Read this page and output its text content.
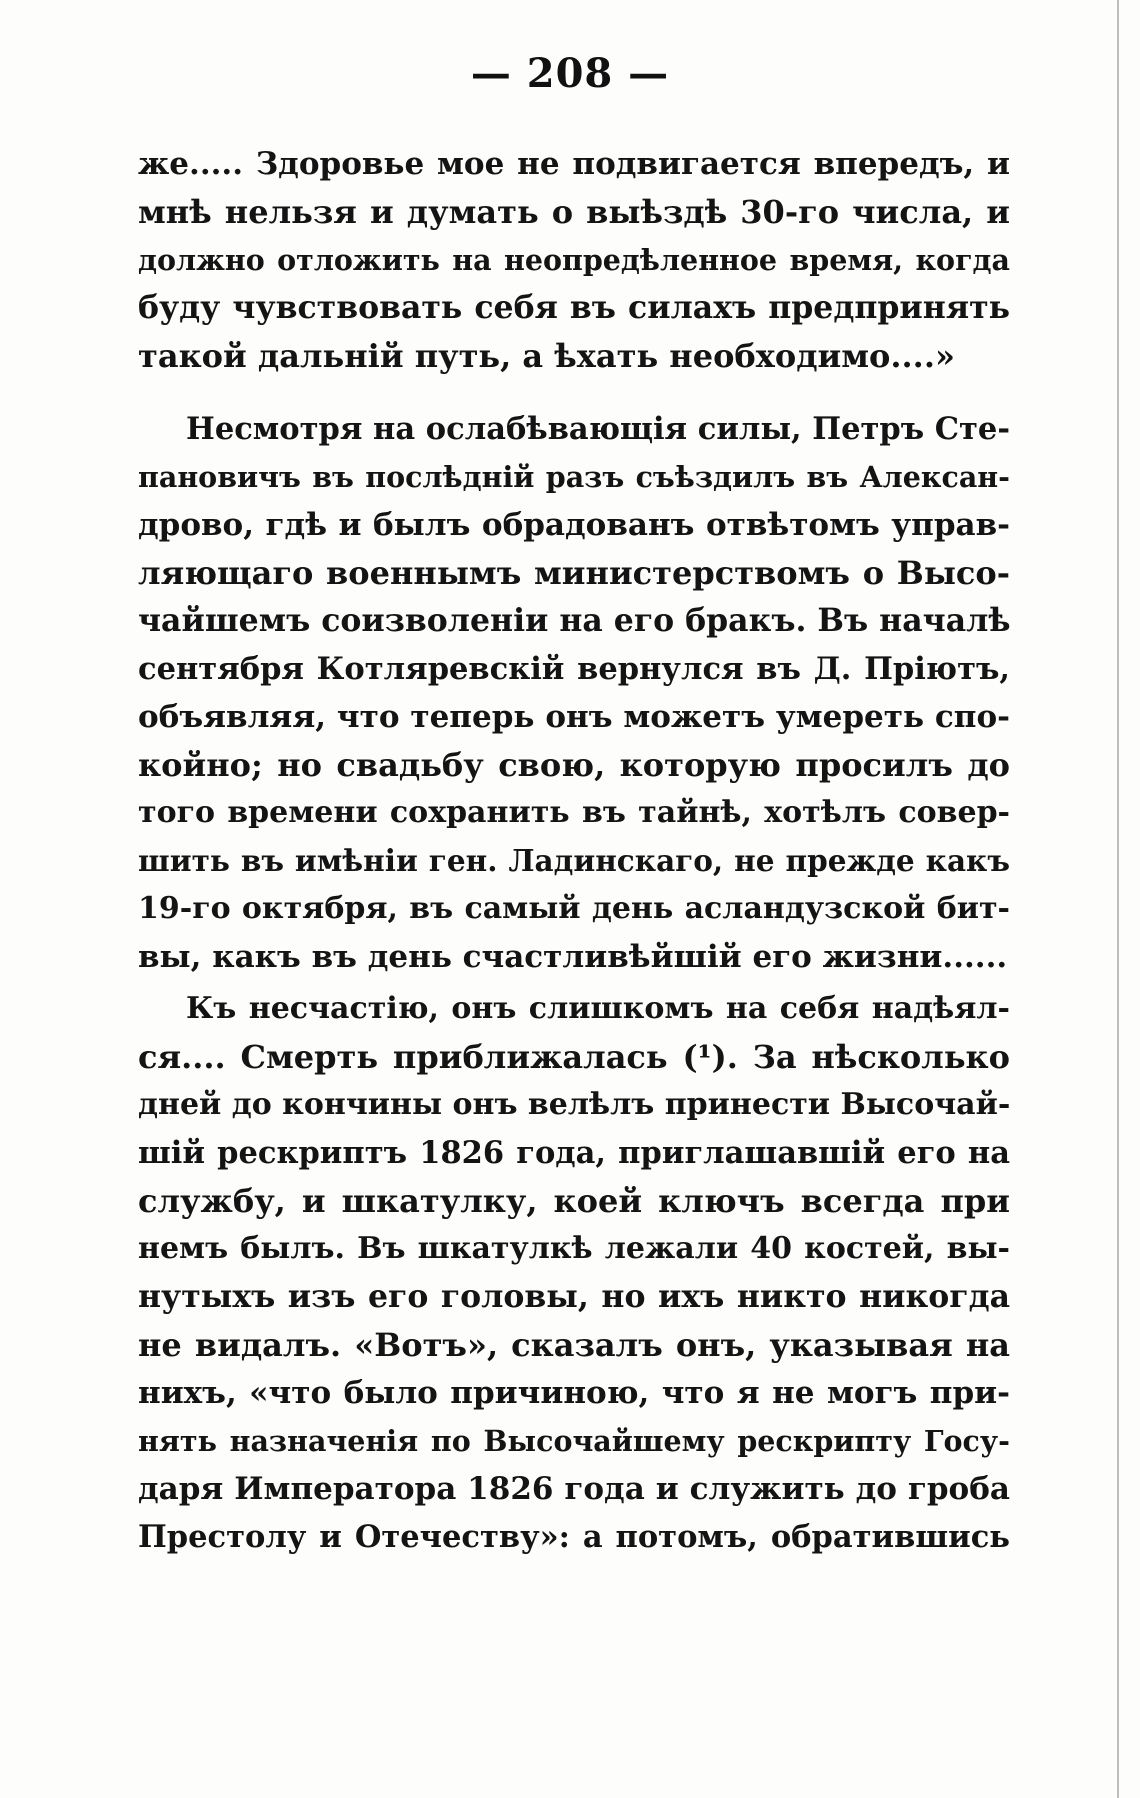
— 208 —
же..... Здоровье мое не подвигается впередъ, и
мнѣ нельзя и думать о выѣздѣ 30-го числа, и
должно отложить на неопредѣленное время, когда
буду чувствовать себя въ силахъ предпринять
такой дальній путь, а ѣхать необходимо....»
Несмотря на ослабѣвающія силы, Петръ Сте-
пановичъ въ послѣдній разъ съѣздилъ въ Алексан-
дрово, гдѣ и былъ обрадованъ отвѣтомъ управ-
ляющаго военнымъ министерствомъ о Высо-
чайшемъ соизволеніи на его бракъ. Въ началѣ
сентября Котляревскій вернулся въ Д. Пріютъ,
объявляя, что теперь онъ можетъ умереть спо-
койно; но свадьбу свою, которую просилъ до
того времени сохранить въ тайнѣ, хотѣлъ совер-
шить въ имѣніи ген. Ладинскаго, не прежде какъ
19-го октября, въ самый день асландузской бит-
вы, какъ въ день счастливѣйшій его жизни......
Къ несчастію, онъ слишкомъ на себя надѣял-
ся.... Смерть приближалась (¹). За нѣсколько
дней до кончины онъ велѣлъ принести Высочай-
шій рескриптъ 1826 года, приглашавшій его на
службу, и шкатулку, коей ключъ всегда при
немъ былъ. Въ шкатулкѣ лежали 40 костей, вы-
нутыхъ изъ его головы, но ихъ никто никогда
не видалъ. «Вотъ», сказалъ онъ, указывая на
нихъ, «что было причиною, что я не могъ при-
нять назначенія по Высочайшему рескрипту Госу-
даря Императора 1826 года и служить до гроба
Престолу и Отечеству»: а потомъ, обратившись
